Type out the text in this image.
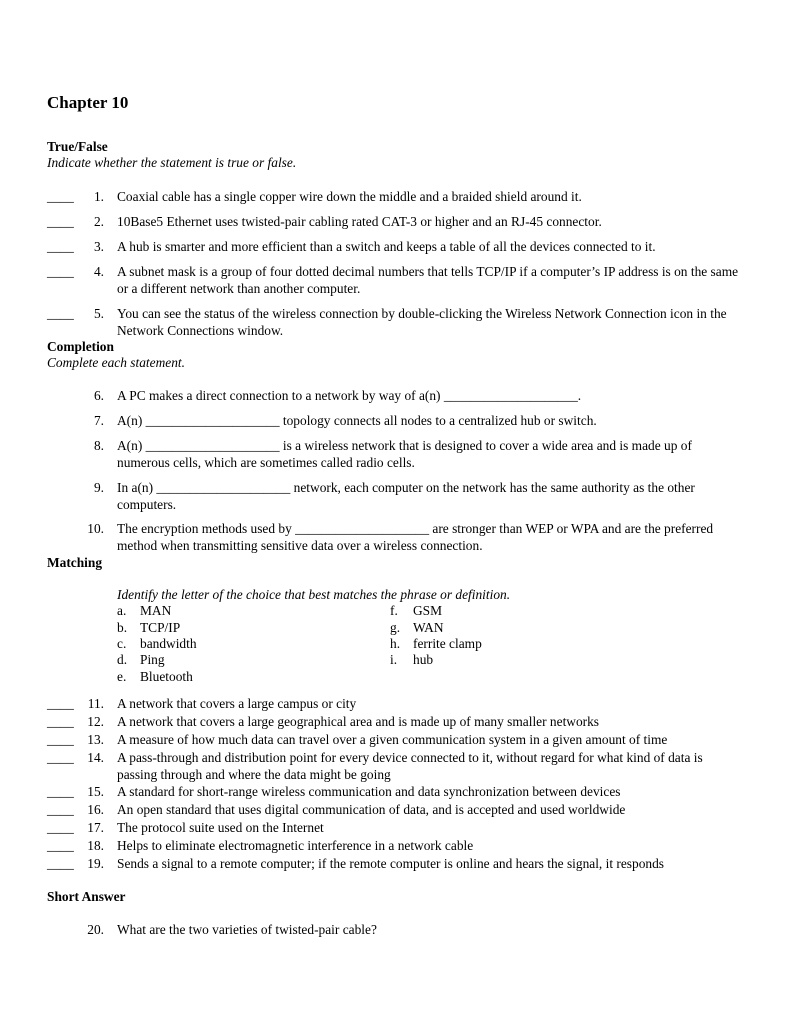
Chapter 10
True/False
Indicate whether the statement is true or false.
____	1. Coaxial cable has a single copper wire down the middle and a braided shield around it.
____	2. 10Base5 Ethernet uses twisted-pair cabling rated CAT-3 or higher and an RJ-45 connector.
____	3. A hub is smarter and more efficient than a switch and keeps a table of all the devices connected to it.
____	4. A subnet mask is a group of four dotted decimal numbers that tells TCP/IP if a computer’s IP address is on the same or a different network than another computer.
____	5. You can see the status of the wireless connection by double-clicking the Wireless Network Connection icon in the Network Connections window.
Completion
Complete each statement.
6. A PC makes a direct connection to a network by way of a(n) ____________________.
7. A(n) ____________________ topology connects all nodes to a centralized hub or switch.
8. A(n) ____________________ is a wireless network that is designed to cover a wide area and is made up of numerous cells, which are sometimes called radio cells.
9. In a(n) ____________________ network, each computer on the network has the same authority as the other computers.
10. The encryption methods used by ____________________ are stronger than WEP or WPA and are the preferred method when transmitting sensitive data over a wireless connection.
Matching
Identify the letter of the choice that best matches the phrase or definition.
a.	MAN
b. TCP/IP
c.	bandwidth
d. Ping
e.	Bluetooth
f.	GSM
g. WAN
h. ferrite clamp
i.	hub
____	11. A network that covers a large campus or city
____	12. A network that covers a large geographical area and is made up of many smaller networks
____	13. A measure of how much data can travel over a given communication system in a given amount of time
____	14. A pass-through and distribution point for every device connected to it, without regard for what kind of data is passing through and where the data might be going
____	15. A standard for short-range wireless communication and data synchronization between devices
____	16. An open standard that uses digital communication of data, and is accepted and used worldwide
____	17. The protocol suite used on the Internet
____	18. Helps to eliminate electromagnetic interference in a network cable
____	19. Sends a signal to a remote computer; if the remote computer is online and hears the signal, it responds
Short Answer
20. What are the two varieties of twisted-pair cable?
